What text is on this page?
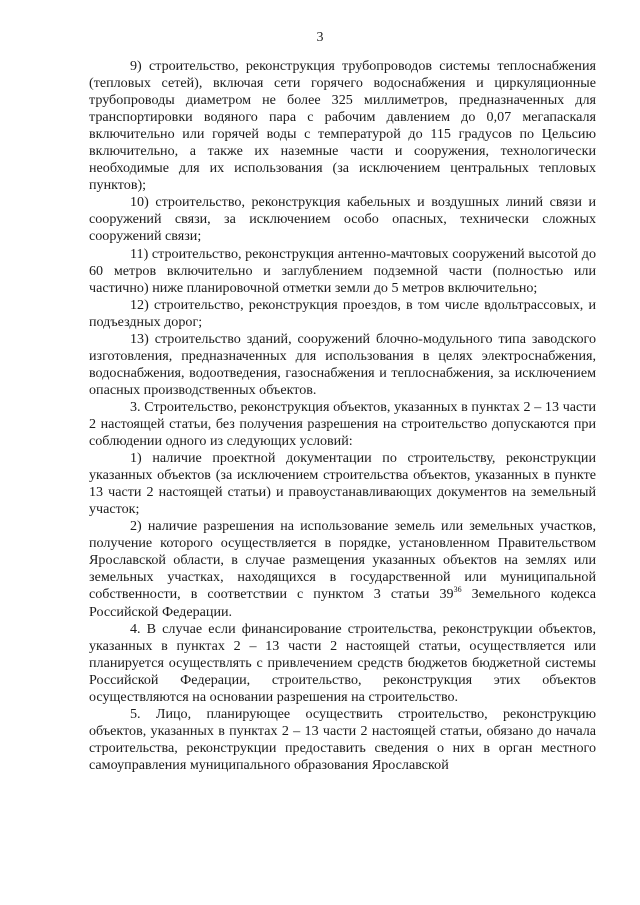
3

9) строительство, реконструкция трубопроводов системы теплоснабжения (тепловых сетей), включая сети горячего водоснабжения и циркуляционные трубопроводы диаметром не более 325 миллиметров, предназначенных для транспортировки водяного пара с рабочим давлением до 0,07 мегапаскаля включительно или горячей воды с температурой до 115 градусов по Цельсию включительно, а также их наземные части и сооружения, технологически необходимые для их использования (за исключением центральных тепловых пунктов);

10) строительство, реконструкция кабельных и воздушных линий связи и сооружений связи, за исключением особо опасных, технически сложных сооружений связи;

11) строительство, реконструкция антенно-мачтовых сооружений высотой до 60 метров включительно и заглублением подземной части (полностью или частично) ниже планировочной отметки земли до 5 метров включительно;

12) строительство, реконструкция проездов, в том числе вдольтрассовых, и подъездных дорог;

13) строительство зданий, сооружений блочно-модульного типа заводского изготовления, предназначенных для использования в целях электроснабжения, водоснабжения, водоотведения, газоснабжения и теплоснабжения, за исключением опасных производственных объектов.

3. Строительство, реконструкция объектов, указанных в пунктах 2 – 13 части 2 настоящей статьи, без получения разрешения на строительство допускаются при соблюдении одного из следующих условий:

1) наличие проектной документации по строительству, реконструкции указанных объектов (за исключением строительства объектов, указанных в пункте 13 части 2 настоящей статьи) и правоустанавливающих документов на земельный участок;

2) наличие разрешения на использование земель или земельных участков, получение которого осуществляется в порядке, установленном Правительством Ярославской области, в случае размещения указанных объектов на землях или земельных участках, находящихся в государственной или муниципальной собственности, в соответствии с пунктом 3 статьи $39^{36}$ Земельного кодекса Российской Федерации.

4. В случае если финансирование строительства, реконструкции объектов, указанных в пунктах 2 – 13 части 2 настоящей статьи, осуществляется или планируется осуществлять с привлечением средств бюджетов бюджетной системы Российской Федерации, строительство, реконструкция этих объектов осуществляются на основании разрешения на строительство.

5. Лицо, планирующее осуществить строительство, реконструкцию объектов, указанных в пунктах 2 – 13 части 2 настоящей статьи, обязано до начала строительства, реконструкции предоставить сведения о них в орган местного самоуправления муниципального образования Ярославской
